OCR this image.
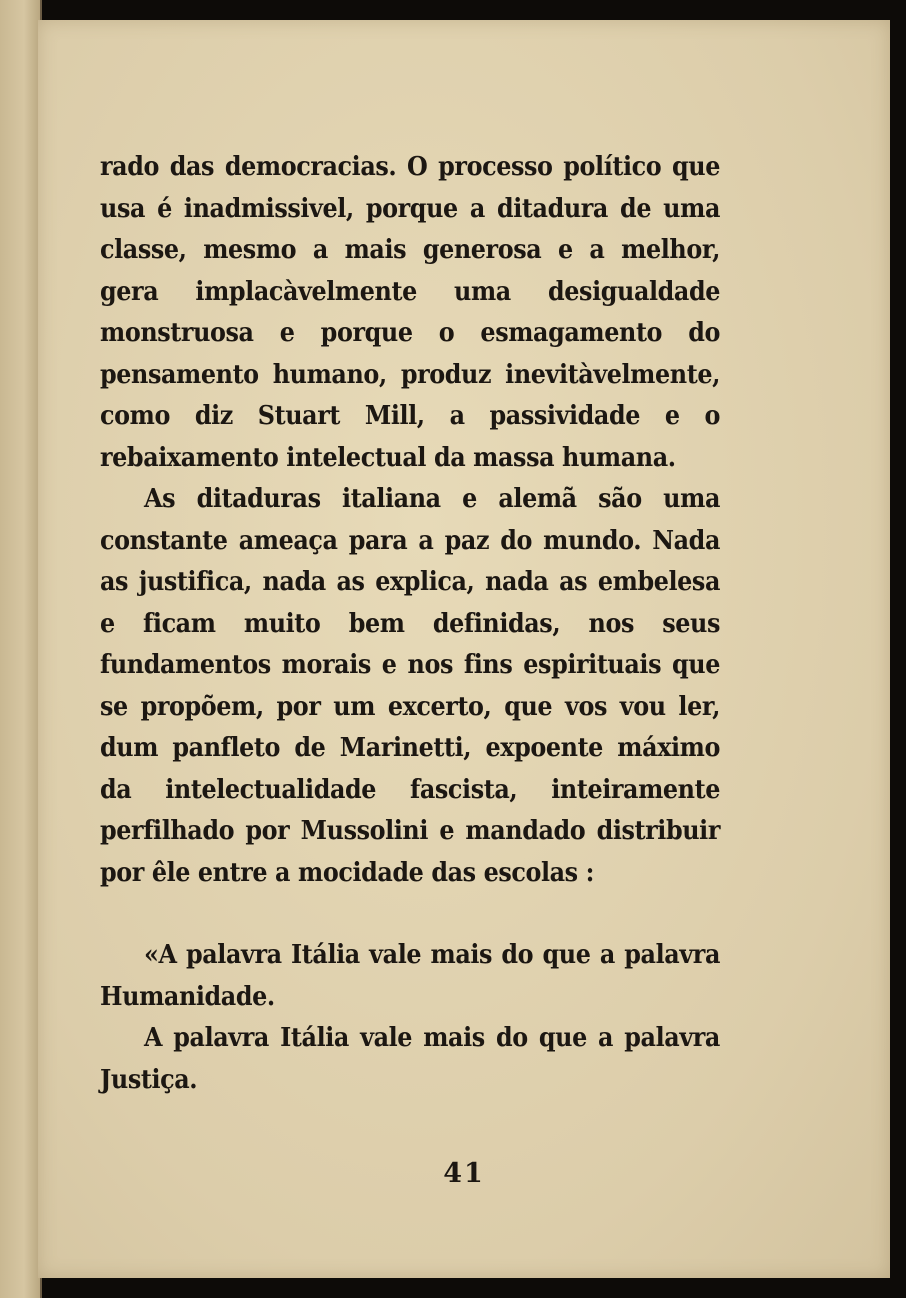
rado das democracias. O processo político que usa é inadmissivel, porque a ditadura de uma classe, mesmo a mais generosa e a melhor, gera implacàvelmente uma desigualdade monstruosa e porque o esmagamento do pensamento humano, produz inevitàvelmente, como diz Stuart Mill, a passividade e o rebaixamento intelectual da massa humana.

As ditaduras italiana e alemã são uma constante ameaça para a paz do mundo. Nada as justifica, nada as explica, nada as embelesa e ficam muito bem definidas, nos seus fundamentos morais e nos fins espirituais que se propõem, por um excerto, que vos vou ler, dum panfleto de Marinetti, expoente máximo da intelectualidade fascista, inteiramente perfilhado por Mussolini e mandado distribuir por êle entre a mocidade das escolas :

«A palavra Itália vale mais do que a palavra Humanidade.

A palavra Itália vale mais do que a palavra Justiça.

41
